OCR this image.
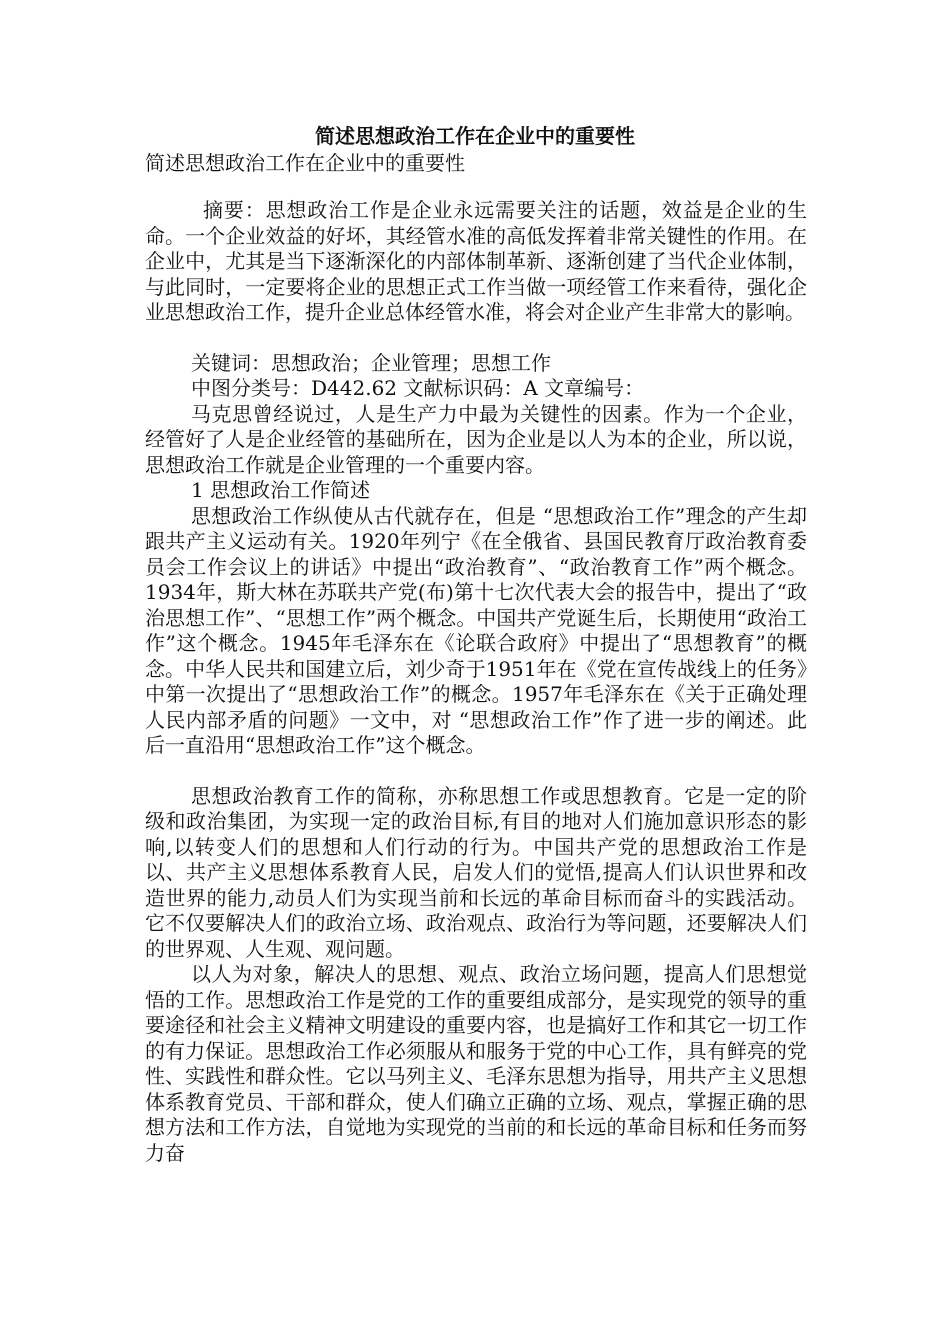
简述思想政治工作在企业中的重要性
简述思想政治工作在企业中的重要性

摘要：思想政治工作是企业永远需要关注的话题，效益是企业的生命。一个企业效益的好坏，其经管水准的高低发挥着非常关键性的作用。在企业中，尤其是当下逐渐深化的内部体制革新、逐渐创建了当代企业体制，与此同时，一定要将企业的思想正式工作当做一项经管工作来看待，强化企业思想政治工作，提升企业总体经管水准，将会对企业产生非常大的影响。

关键词：思想政治；企业管理；思想工作

中图分类号：D442.62 文献标识码：A 文章编号：

马克思曾经说过，人是生产力中最为关键性的因素。作为一个企业，经管好了人是企业经管的基础所在，因为企业是以人为本的企业，所以说，思想政治工作就是企业管理的一个重要内容。

1 思想政治工作简述

思想政治工作纵使从古代就存在，但是 “思想政治工作”理念的产生却跟共产主义运动有关。1920年列宁《在全俄省、县国民教育厅政治教育委员会工作会议上的讲话》中提出“政治教育”、“政治教育工作”两个概念。1934年，斯大林在苏联共产党(布)第十七次代表大会的报告中，提出了“政治思想工作”、“思想工作”两个概念。中国共产党诞生后，长期使用“政治工作”这个概念。1945年毛泽东在《论联合政府》中提出了“思想教育”的概念。中华人民共和国建立后，刘少奇于1951年在《党在宣传战线上的任务》中第一次提出了“思想政治工作”的概念。1957年毛泽东在《关于正确处理人民内部矛盾的问题》一文中，对 “思想政治工作”作了进一步的阐述。此后一直沿用“思想政治工作”这个概念。

思想政治教育工作的简称，亦称思想工作或思想教育。它是一定的阶级和政治集团，为实现一定的政治目标,有目的地对人们施加意识形态的影响,以转变人们的思想和人们行动的行为。中国共产党的思想政治工作是以、共产主义思想体系教育人民，启发人们的觉悟,提高人们认识世界和改造世界的能力,动员人们为实现当前和长远的革命目标而奋斗的实践活动。它不仅要解决人们的政治立场、政治观点、政治行为等问题，还要解决人们的世界观、人生观、观问题。

以人为对象，解决人的思想、观点、政治立场问题，提高人们思想觉悟的工作。思想政治工作是党的工作的重要组成部分，是实现党的领导的重要途径和社会主义精神文明建设的重要内容，也是搞好工作和其它一切工作的有力保证。思想政治工作必须服从和服务于党的中心工作，具有鲜亮的党性、实践性和群众性。它以马列主义、毛泽东思想为指导，用共产主义思想体系教育党员、干部和群众，使人们确立正确的立场、观点，掌握正确的思想方法和工作方法，自觉地为实现党的当前的和长远的革命目标和任务而努力奋
